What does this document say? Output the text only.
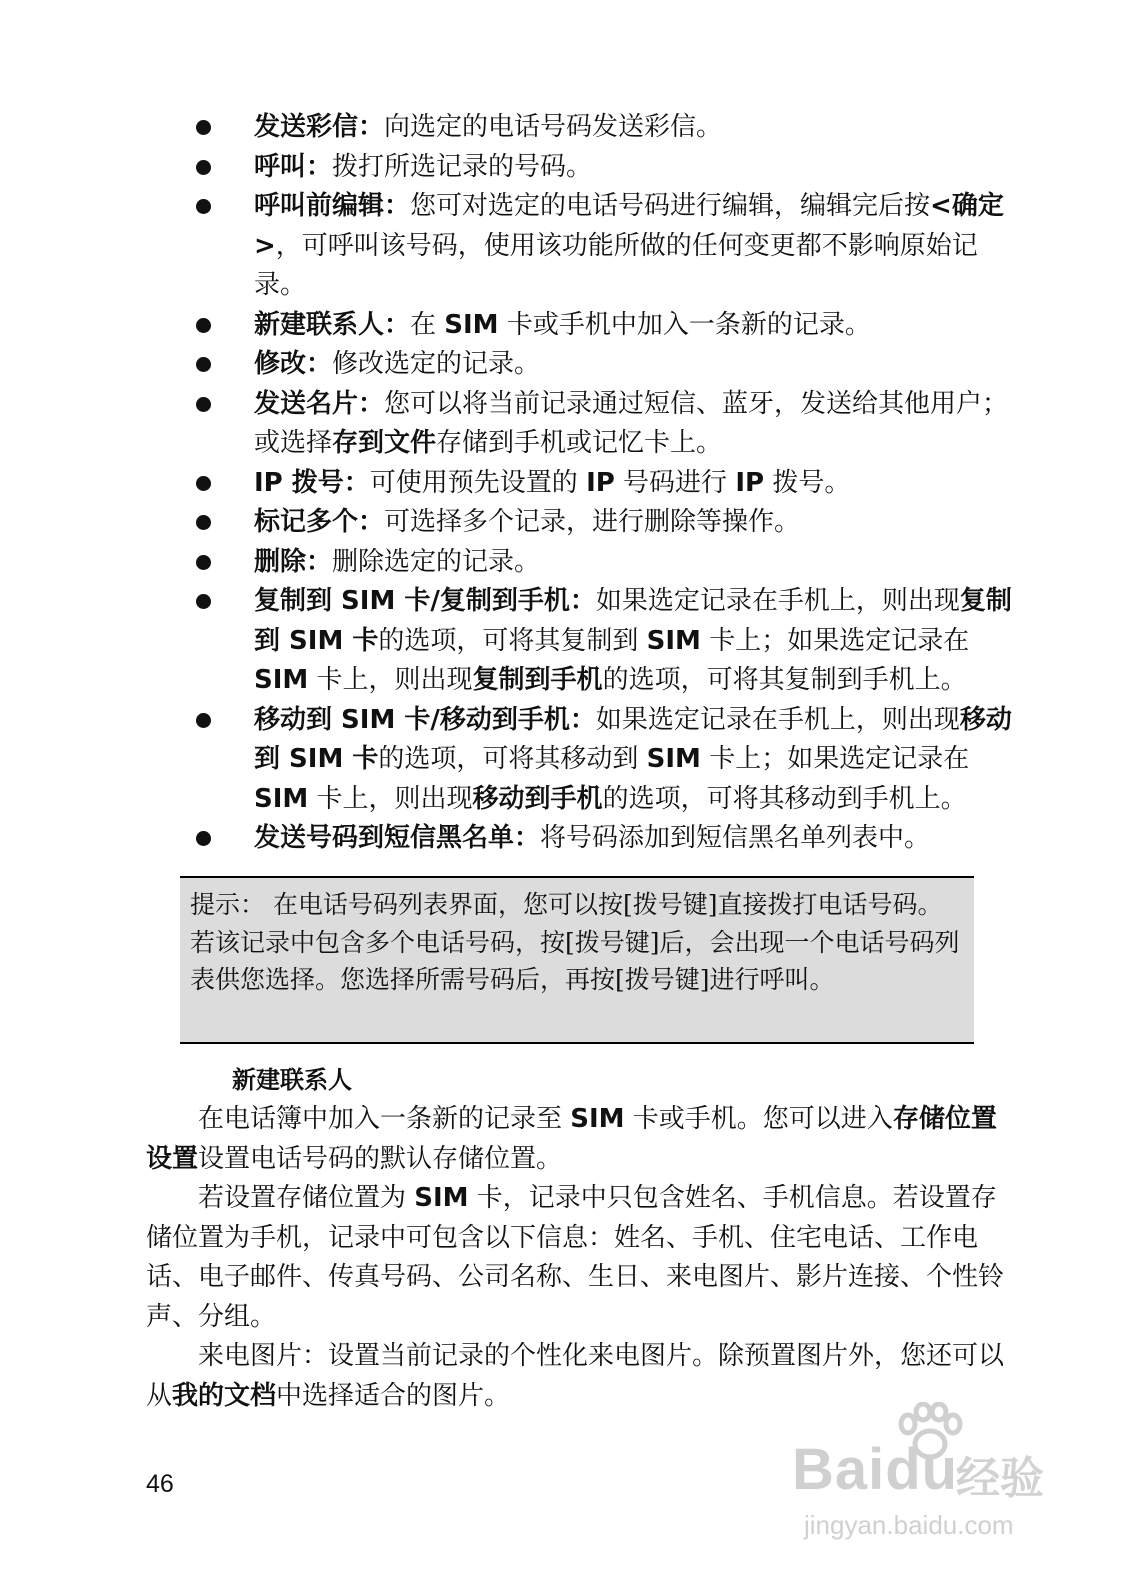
发送彩信：向选定的电话号码发送彩信。
呼叫：拨打所选记录的号码。
呼叫前编辑：您可对选定的电话号码进行编辑，编辑完后按<确定>，可呼叫该号码，使用该功能所做的任何变更都不影响原始记录。
新建联系人：在 SIM 卡或手机中加入一条新的记录。
修改：修改选定的记录。
发送名片：您可以将当前记录通过短信、蓝牙，发送给其他用户；或选择存到文件存储到手机或记忆卡上。
IP 拨号：可使用预先设置的 IP 号码进行 IP 拨号。
标记多个：可选择多个记录，进行删除等操作。
删除：删除选定的记录。
复制到 SIM 卡/复制到手机：如果选定记录在手机上，则出现复制到 SIM 卡的选项，可将其复制到 SIM 卡上；如果选定记录在 SIM 卡上，则出现复制到手机的选项，可将其复制到手机上。
移动到 SIM 卡/移动到手机：如果选定记录在手机上，则出现移动到 SIM 卡的选项，可将其移动到 SIM 卡上；如果选定记录在 SIM 卡上，则出现移动到手机的选项，可将其移动到手机上。
发送号码到短信黑名单：将号码添加到短信黑名单列表中。
提示： 在电话号码列表界面，您可以按[拨号键]直接拨打电话号码。若该记录中包含多个电话号码，按[拨号键]后，会出现一个电话号码列表供您选择。您选择所需号码后，再按[拨号键]进行呼叫。
新建联系人

在电话簿中加入一条新的记录至 SIM 卡或手机。您可以进入存储位置设置设置电话号码的默认存储位置。

若设置存储位置为 SIM 卡，记录中只包含姓名、手机信息。若设置存储位置为手机，记录中可包含以下信息：姓名、手机、住宅电话、工作电话、电子邮件、传真号码、公司名称、生日、来电图片、影片连接、个性铃声、分组。

来电图片：设置当前记录的个性化来电图片。除预置图片外，您还可以从我的文档中选择适合的图片。

46	Baidu
经验
jingyan.baidu.com
